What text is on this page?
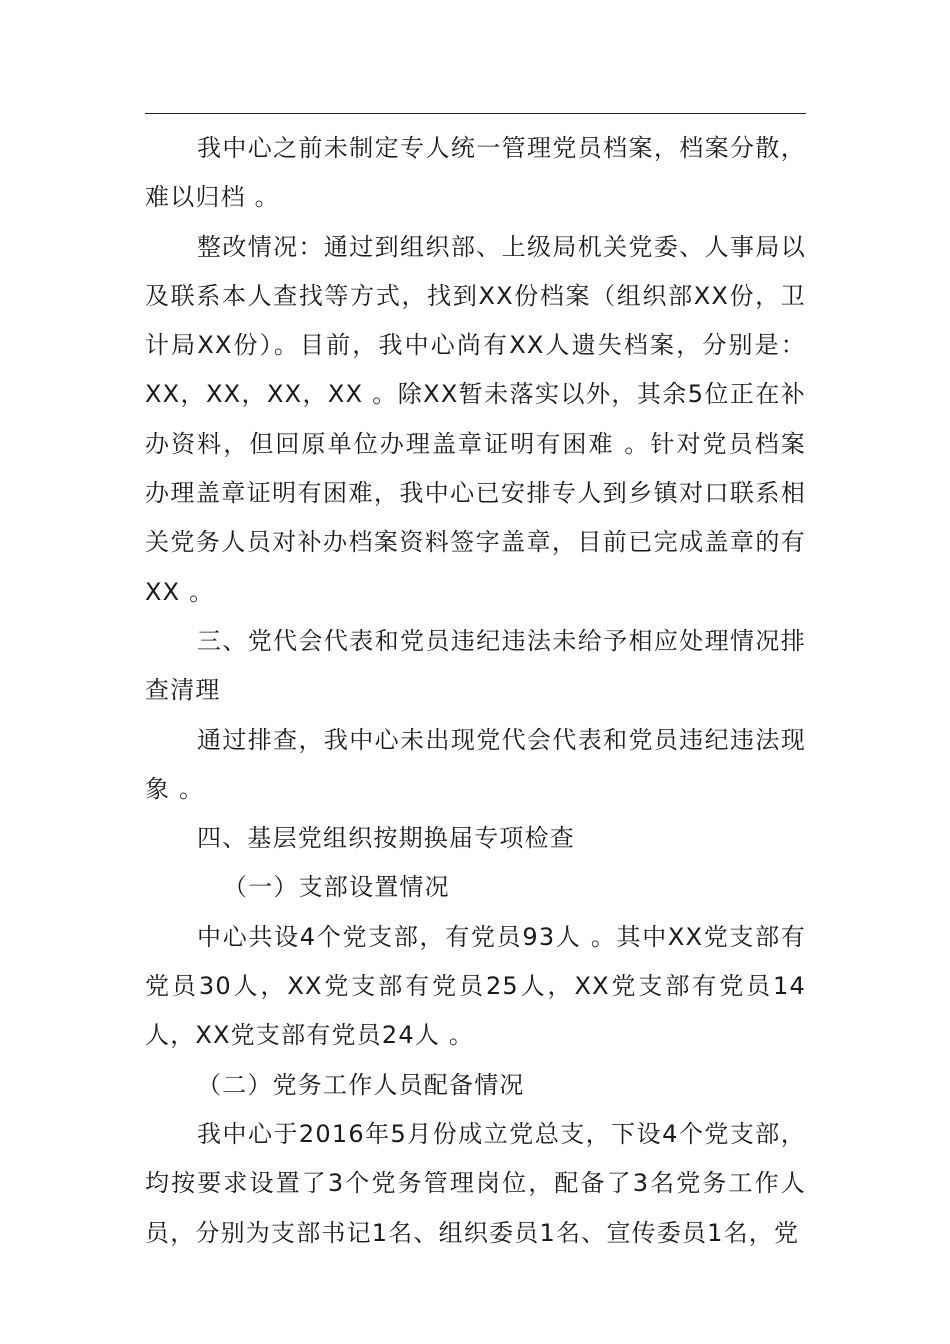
我中心之前未制定专人统一管理党员档案，档案分散，难以归档 。

整改情况：通过到组织部、上级局机关党委、人事局以及联系本人查找等方式，找到XX份档案（组织部XX份，卫计局XX份）。目前，我中心尚有XX人遗失档案，分别是：XX，XX，XX，XX 。除XX暂未落实以外，其余5位正在补办资料，但回原单位办理盖章证明有困难 。针对党员档案办理盖章证明有困难，我中心已安排专人到乡镇对口联系相关党务人员对补办档案资料签字盖章，目前已完成盖章的有XX 。

三、党代会代表和党员违纪违法未给予相应处理情况排查清理

通过排查，我中心未出现党代会代表和党员违纪违法现象 。

四、基层党组织按期换届专项检查

（一）支部设置情况

中心共设4个党支部，有党员93人 。其中XX党支部有党员30人，XX党支部有党员25人，XX党支部有党员14人，XX党支部有党员24人 。

（二）党务工作人员配备情况

我中心于2016年5月份成立党总支，下设4个党支部，均按要求设置了3个党务管理岗位，配备了3名党务工作人员，分别为支部书记1名、组织委员1名、宣传委员1名，党
